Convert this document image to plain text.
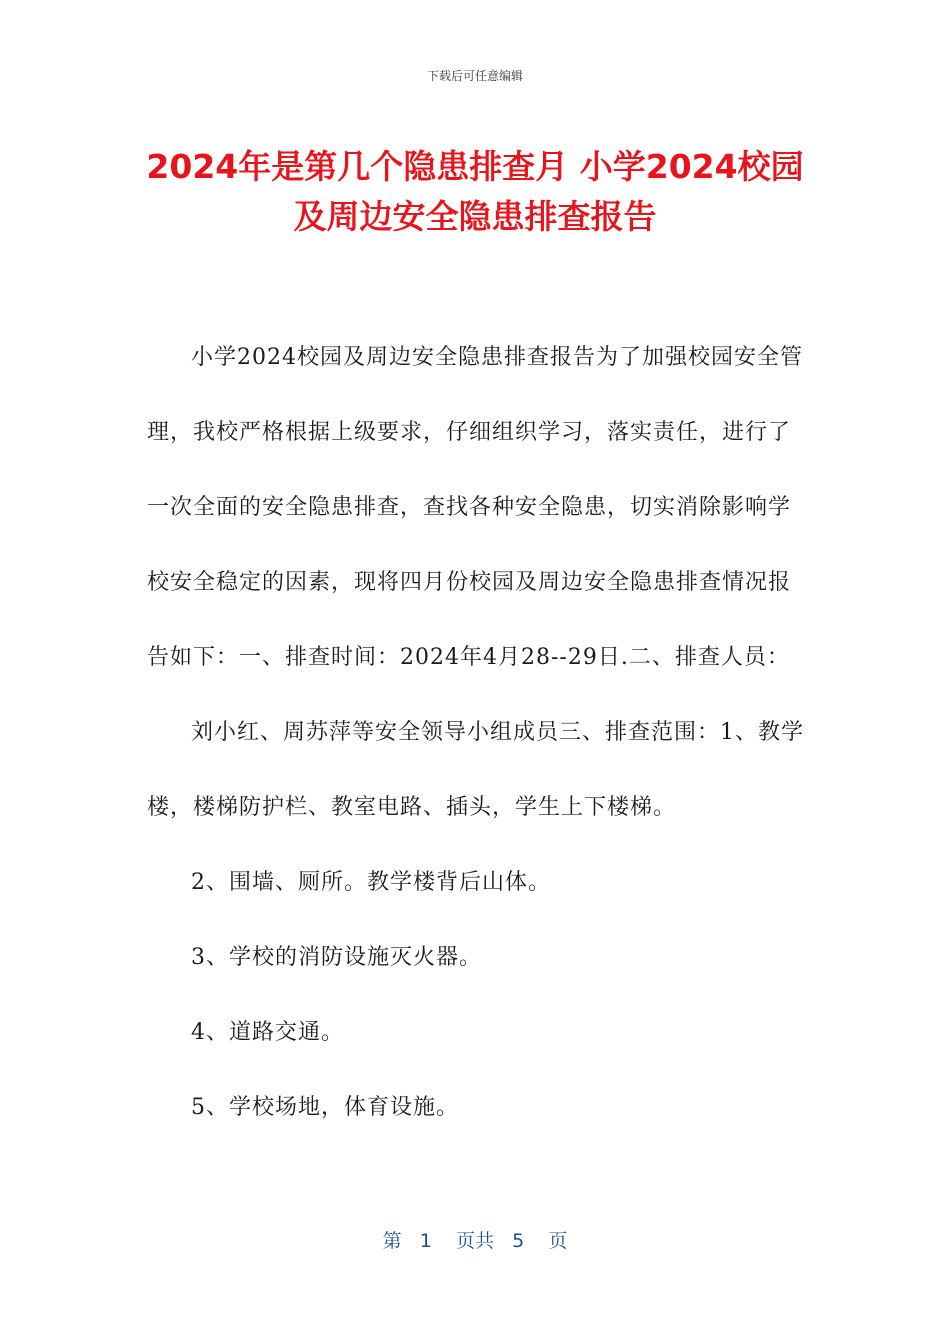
下载后可任意编辑
2024年是第几个隐患排查月 小学2024校园及周边安全隐患排查报告

小学2024校园及周边安全隐患排查报告为了加强校园安全管理，我校严格根据上级要求，仔细组织学习，落实责任，进行了一次全面的安全隐患排查，查找各种安全隐患，切实消除影响学校安全稳定的因素，现将四月份校园及周边安全隐患排查情况报告如下：一、排查时间：2024年4月28--29日.二、排查人员：

刘小红、周苏萍等安全领导小组成员三、排查范围：1、教学楼，楼梯防护栏、教室电路、插头，学生上下楼梯。

2、围墙、厕所。教学楼背后山体。

3、学校的消防设施灭火器。

4、道路交通。

5、学校场地，体育设施。

第 1 页共 5 页
